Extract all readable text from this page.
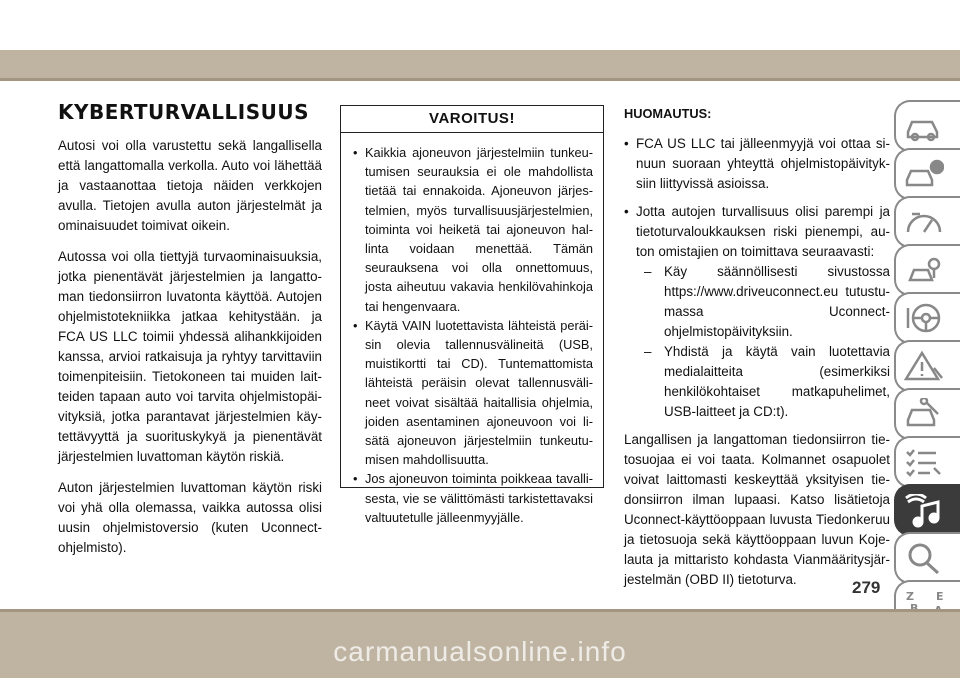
KYBERTURVALLISUUS

Autosi voi olla varustettu sekä langallisella että langattomalla verkolla. Auto voi lähettää ja vastaanottaa tietoja näiden verkkojen avulla. Tietojen avulla auton järjestelmät ja ominaisuudet toimivat oikein.

Autossa voi olla tiettyjä turvaominaisuuksia, jotka pienentävät järjestelmien ja langattoman tiedonsiirron luvatonta käyttöä. Autojen ohjelmistotekniikka jatkaa kehitystään. ja FCA US LLC toimii yhdessä alihankkijoiden kanssa, arvioi ratkaisuja ja ryhtyy tarvittaviin toimenpiteisiin. Tietokoneen tai muiden laitteiden tapaan auto voi tarvita ohjelmistopäivityksiä, jotka parantavat järjestelmien käytettävyyttä ja suorituskykyä ja pienentävät järjestelmien luvattoman käytön riskiä.

Auton järjestelmien luvattoman käytön riski voi yhä olla olemassa, vaikka autossa olisi uusin ohjelmistoversio (kuten Uconnect-ohjelmisto).

VAROITUS!
• Kaikkia ajoneuvon järjestelmiin tunkeutumisen seurauksia ei ole mahdollista tietää tai ennakoida. Ajoneuvon järjestelmien, myös turvallisuusjärjestelmien, toiminta voi heiketä tai ajoneuvon hallinta voidaan menettää. Tämän seurauksena voi olla onnettomuus, josta aiheutuu vakavia henkilövahinkoja tai hengenvaara.
• Käytä VAIN luotettavista lähteistä peräisin olevia tallennusvälineitä (USB, muistikortti tai CD). Tuntemattomista lähteistä peräisin olevat tallennusvälineet voivat sisältää haitallisia ohjelmia, joiden asentaminen ajoneuvoon voi lisätä ajoneuvon järjestelmiin tunkeutumisen mahdollisuutta.
• Jos ajoneuvon toiminta poikkeaa tavallisesta, vie se välittömästi tarkistettavaksi valtuutetulle jälleenmyyjälle.
HUOMAUTUS:
• FCA US LLC tai jälleenmyyjä voi ottaa sinuun suoraan yhteyttä ohjelmistopäivityksiin liittyvissä asioissa.
• Jotta autojen turvallisuus olisi parempi ja tietoturvaloukkauksen riski pienempi, auton omistajien on toimittava seuraavasti:
– Käy säännöllisesti sivustossa https://www.driveuconnect.eu tutustumassa Uconnect-ohjelmistopäivityksiin.
– Yhdistä ja käytä vain luotettavia medialaitteita (esimerkiksi henkilökohtaiset matkapuhelimet, USB-laitteet ja CD:t).

Langallisen ja langattoman tiedonsiirron tietosuojaa ei voi taata. Kolmannet osapuolet voivat laittomasti keskeyttää yksityisen tiedonsiirron ilman lupaasi. Katso lisätietoja Uconnect-käyttöoppaan luvusta Tiedonkeruu ja tietosuoja sekä käyttöoppaan luvun Kojelauta ja mittaristo kohdasta Vianmääritysjärjestelmän (OBD II) tietoturva.

Z E
279
carmanualsonline.info
